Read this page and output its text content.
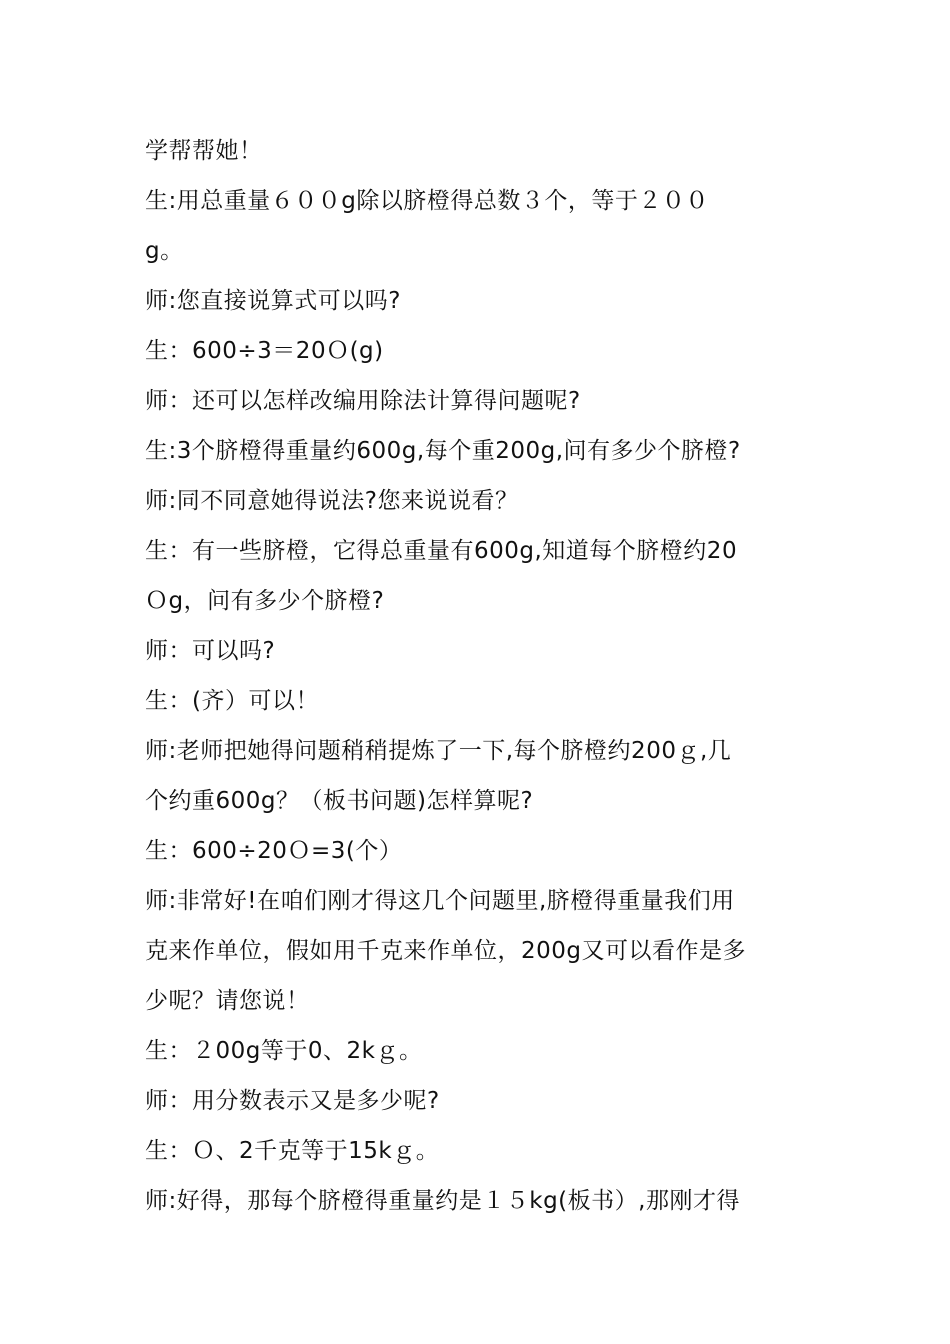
学帮帮她！
生:用总重量６００g除以脐橙得总数３个，等于２００
g。
师:您直接说算式可以吗?
生：600÷3＝20Ｏ(g)
师：还可以怎样改编用除法计算得问题呢?
生:3个脐橙得重量约600g,每个重200g,问有多少个脐橙?
师:同不同意她得说法?您来说说看？
生：有一些脐橙，它得总重量有600g,知道每个脐橙约20
Ｏg，问有多少个脐橙?
师：可以吗?
生：(齐）可以！
师:老师把她得问题稍稍提炼了一下,每个脐橙约200ｇ,几
个约重600g？（板书问题)怎样算呢?
生：600÷20Ｏ=3(个）
师:非常好!在咱们刚才得这几个问题里,脐橙得重量我们用
克来作单位，假如用千克来作单位，200g又可以看作是多
少呢？请您说！
生：２00g等于0、2kｇ。
师：用分数表示又是多少呢?
生：Ｏ、2千克等于15kｇ。
师:好得，那每个脐橙得重量约是１５kg(板书）,那刚才得
